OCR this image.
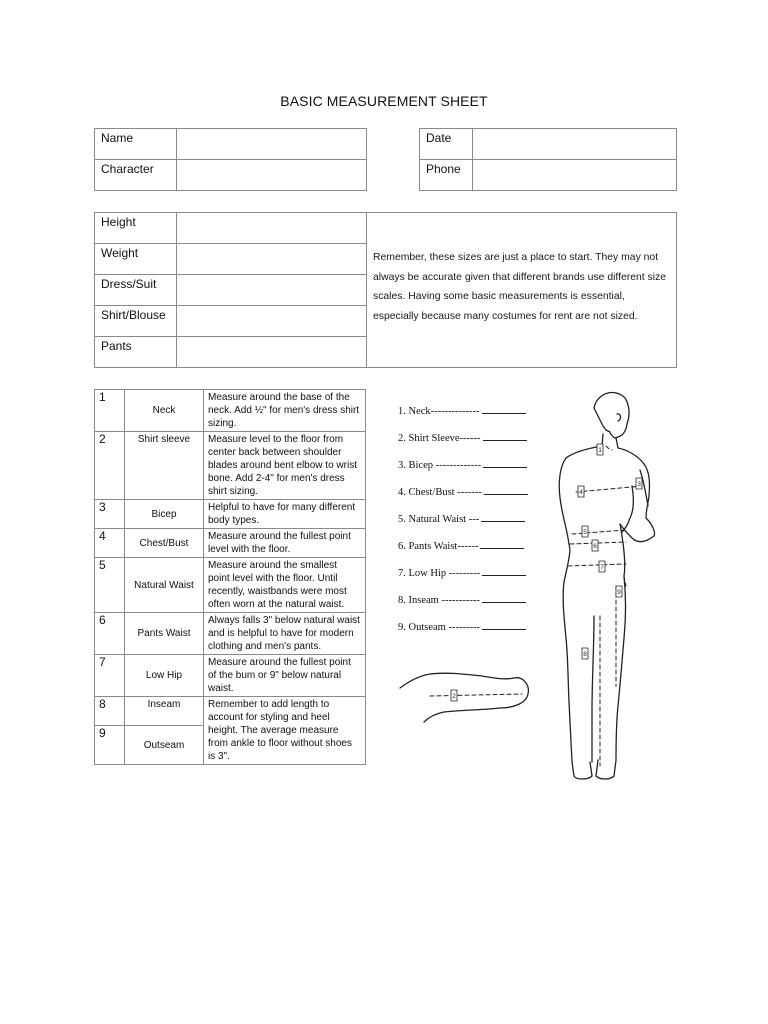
BASIC MEASUREMENT SHEET
Name	
Character	
Date	
Phone	
Height		Remember, these sizes are just a place to start. They may not always be accurate given that different brands use different size scales. Having some basic measurements is essential, especially because many costumes for rent are not sized.
Weight		
Dress/Suit		
Shirt/Blouse		
Pants		
1	Neck	Measure around the base of the neck. Add ½" for men's dress shirt sizing.
2	Shirt sleeve	Measure level to the floor from center back between shoulder blades around bent elbow to wrist bone. Add 2-4" for men's dress shirt sizing.
3	Bicep	Helpful to have for many different body types.
4	Chest/Bust	Measure around the fullest point level with the floor.
5	Natural Waist	Measure around the smallest point level with the floor. Until recently, waistbands were most often worn at the natural waist.
6	Pants Waist	Always falls 3" below natural waist and is helpful to have for modern clothing and men's pants.
7	Low Hip	Measure around the fullest point of the bum or 9" below natural waist.
8	Inseam	Remember to add length to account for styling and heel height. The average measure from ankle to floor without shoes is 3".
9	Outseam	
1. Neck--------------
2. Shirt Sleeve------
3. Bicep -------------
4. Chest/Bust -------
5. Natural Waist ---
6. Pants Waist------
7. Low Hip ---------
8. Inseam -----------
9. Outseam ---------
1
3
4
5
6
7
8
9
2
